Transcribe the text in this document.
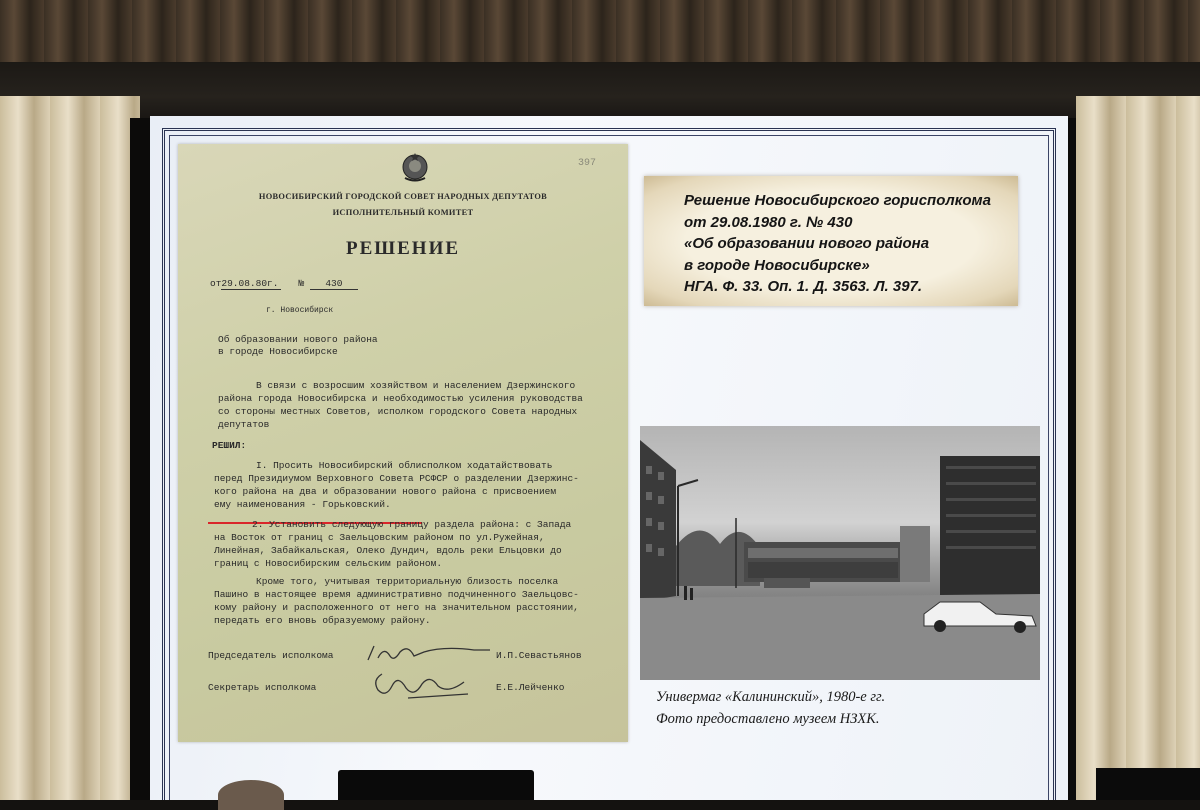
397
НОВОСИБИРСКИЙ ГОРОДСКОЙ СОВЕТ НАРОДНЫХ ДЕПУТАТОВ
ИСПОЛНИТЕЛЬНЫЙ КОМИТЕТ
РЕШЕНИЕ
от29.08.80г. № 430
г. Новосибирск
Об образовании нового района
в городе Новосибирске
В связи с возросшим хозяйством и населением Дзержинского
района города Новосибирска и необходимостью усиления руководства
со стороны местных Советов, исполком городского Совета народных
депутатов
РЕШИЛ:
I. Просить Новосибирский облисполком ходатайствовать
перед Президиумом Верховного Совета РСФСР о разделении Дзержинс-
кого района на два и образовании нового района с присвоением
ему наименования - Горьковский.
2. Установить следующую границу раздела района: с Запада
на Восток от границ с Заельцовским районом по ул.Ружейная,
Линейная, Забайкальская, Олеко Дундич, вдоль реки Ельцовки до
границ с Новосибирским сельским районом.
Кроме того, учитывая территориальную близость поселка
Пашино в настоящее время административно подчиненного Заельцовс-
кому району и расположенного от него на значительном расстоянии,
передать его вновь образуемому району.
Председатель исполкома	И.П.Севастьянов
Секретарь исполкома	Е.Е.Лейченко
Решение Новосибирского горисполкома
от 29.08.1980 г. № 430
«Об образовании нового района
в городе Новосибирске»
НГА. Ф. 33. Оп. 1. Д. 3563. Л. 397.
Универмаг «Калининский», 1980-е гг.
Фото предоставлено музеем НЗХК.
